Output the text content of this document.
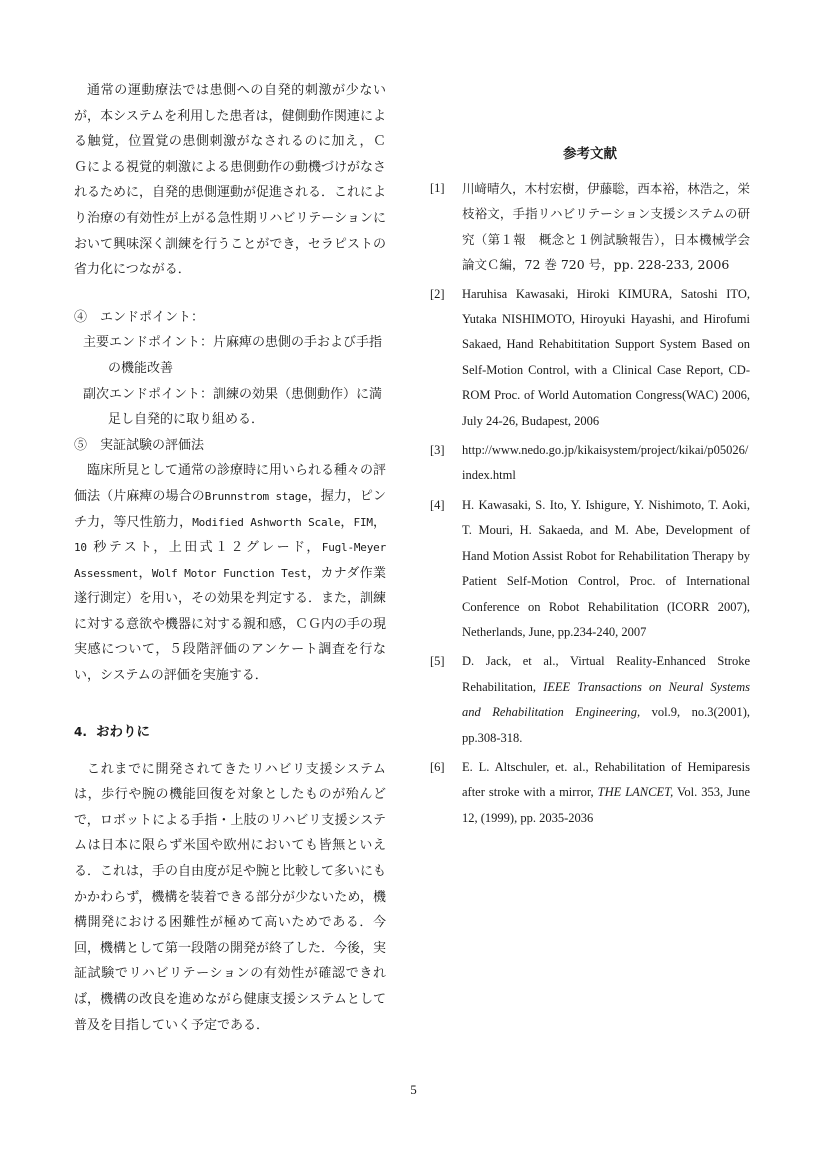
通常の運動療法では患側への自発的刺激が少ないが，本システムを利用した患者は，健側動作関連による触覚，位置覚の患側刺激がなされるのに加え，ＣＧによる視覚的刺激による患側動作の動機づけがなされるために，自発的患側運動が促進される．これにより治療の有効性が上がる急性期リハビリテーションにおいて興味深く訓練を行うことができ，セラピストの省力化につながる．

④　エンドポイント：

主要エンドポイント：片麻痺の患側の手および手指の機能改善

副次エンドポイント：訓練の効果（患側動作）に満足し自発的に取り組める．

⑤　実証試験の評価法

臨床所見として通常の診療時に用いられる種々の評価法（片麻痺の場合のBrunnstrom stage，握力，ピンチ力，等尺性筋力，Modified Ashworth Scale，FIM，10 秒テスト，上田式１２グレード，Fugl-Meyer Assessment，Wolf Motor Function Test，カナダ作業遂行測定）を用い，その効果を判定する．また，訓練に対する意欲や機器に対する親和感，ＣＧ内の手の現実感について，５段階評価のアンケート調査を行ない，システムの評価を実施する．

4. おわりに

これまでに開発されてきたリハビリ支援システムは，歩行や腕の機能回復を対象としたものが殆んどで，ロボットによる手指・上肢のリハビリ支援システムは日本に限らず米国や欧州においても皆無といえる．これは，手の自由度が足や腕と比較して多いにもかかわらず，機構を装着できる部分が少ないため，機構開発における困難性が極めて高いためである．今回，機構として第一段階の開発が終了した．今後，実証試験でリハビリテーションの有効性が確認できれば，機構の改良を進めながら健康支援システムとして普及を目指していく予定である．

参考文献

[1]	川﨑晴久，木村宏樹，伊藤聡，西本裕，林浩之，栄枝裕文，手指リハビリテーション支援システムの研究（第１報　概念と１例試験報告），日本機械学会論文Ｃ編，72 巻 720 号，pp. 228-233, 2006
[2]	Haruhisa Kawasaki, Hiroki KIMURA, Satoshi ITO, Yutaka NISHIMOTO, Hiroyuki Hayashi, and Hirofumi Sakaed, Hand Rehabititation Support System Based on Self-Motion Control, with a Clinical Case Report, CD-ROM Proc. of World Automation Congress(WAC) 2006, July 24-26, Budapest, 2006
[3]	http://www.nedo.go.jp/kikaisystem/project/kikai/p05026/index.html
[4]	H. Kawasaki, S. Ito, Y. Ishigure, Y. Nishimoto, T. Aoki, T. Mouri, H. Sakaeda, and M. Abe, Development of Hand Motion Assist Robot for Rehabilitation Therapy by Patient Self-Motion Control, Proc. of International Conference on Robot Rehabilitation (ICORR 2007), Netherlands, June, pp.234-240, 2007
[5]	D. Jack, et al., Virtual Reality-Enhanced Stroke Rehabilitation, IEEE Transactions on Neural Systems and Rehabilitation Engineering, vol.9, no.3(2001), pp.308-318.
[6]	E. L. Altschuler, et. al., Rehabilitation of Hemiparesis after stroke with a mirror, THE LANCET, Vol. 353, June 12, (1999), pp. 2035-2036
5
